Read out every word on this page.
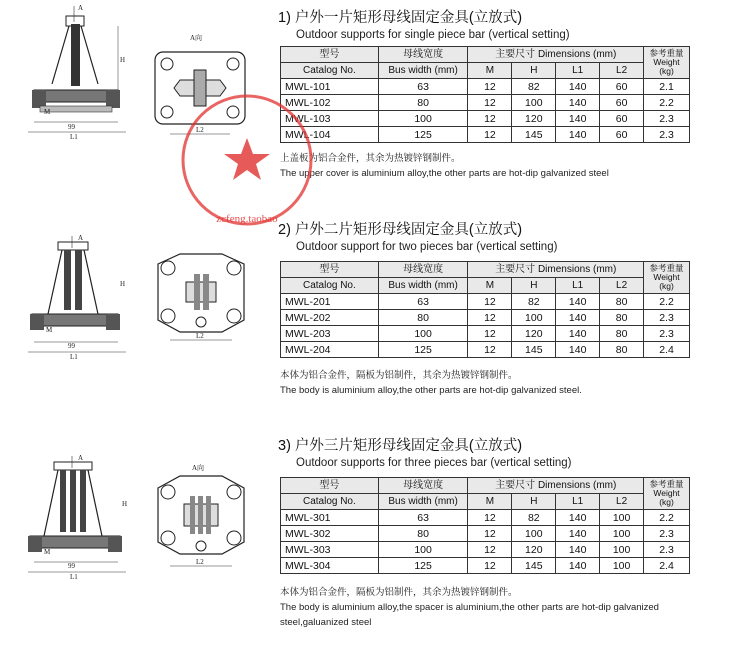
A
H
M
99
L1
A向
L2
1) 户外一片矩形母线固定金具(立放式)
Outdoor supports for single piece bar (vertical setting)
型号	母线宽度	主要尺寸 Dimensions (mm)				参考重量
Weight
(kg)
Catalog No.	Bus width (mm)	M	H	L1	L2	
MWL-101	63	12	82	140	60	2.1
MWL-102	80	12	100	140	60	2.2
MWL-103	100	12	120	140	60	2.3
MWL-104	125	12	145	140	60	2.3
上盖板为铝合金件，其余为热镀锌钢制件。
The upper cover is aluminium alloy,the other parts are hot-dip galvanized steel
A
H
M
99
L1
L2
2) 户外二片矩形母线固定金具(立放式)
Outdoor support for two pieces bar (vertical setting)
型号	母线宽度	主要尺寸 Dimensions (mm)				参考重量
Weight
(kg)
Catalog No.	Bus width (mm)	M	H	L1	L2	
MWL-201	63	12	82	140	80	2.2
MWL-202	80	12	100	140	80	2.3
MWL-203	100	12	120	140	80	2.3
MWL-204	125	12	145	140	80	2.4
本体为铝合金件，隔板为铝制件，其余为热镀锌钢制件。
The body is aluminium alloy,the other parts are hot-dip galvanized steel.
A
H
M
99
L1
A向
L2
3) 户外三片矩形母线固定金具(立放式)
Outdoor supports for three pieces bar (vertical setting)
型号	母线宽度	主要尺寸 Dimensions (mm)				参考重量
Weight
(kg)
Catalog No.	Bus width (mm)	M	H	L1	L2	
MWL-301	63	12	82	140	100	2.2
MWL-302	80	12	100	140	100	2.3
MWL-303	100	12	120	140	100	2.3
MWL-304	125	12	145	140	100	2.4
本体为铝合金件，隔板为铝制件，其余为热镀锌钢制件。
The body is aluminium alloy,the spacer is aluminium,the other parts are hot-dip galvanized
steel,galuanized steel
zcfeng.taobao
